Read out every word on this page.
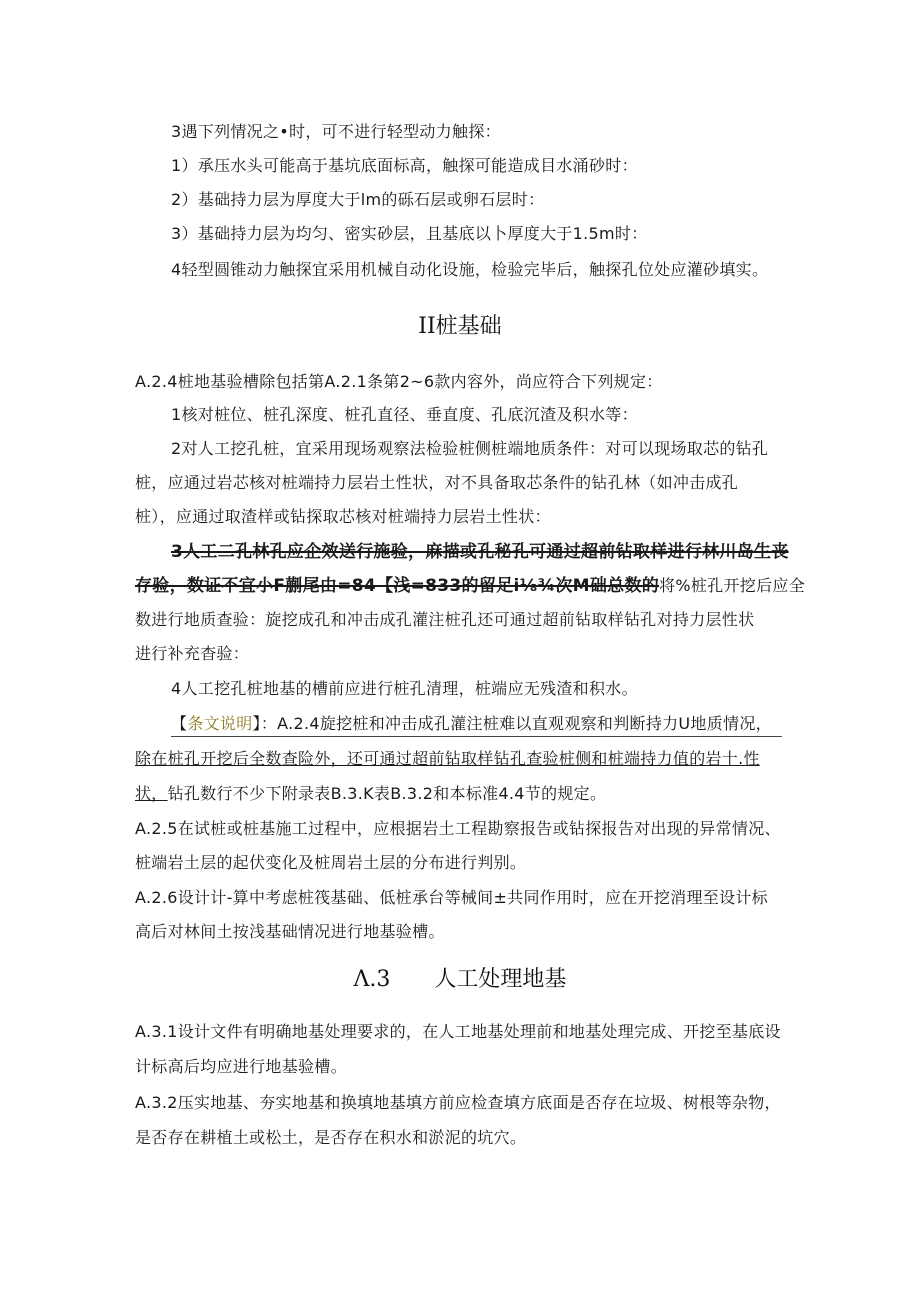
3遇下列情况之•时，可不进行轻型动力触探：
1）承压水头可能高于基坑底面标高，触探可能造成目水涌砂时：
2）基础持力层为厚度大于lm的砾石层或卵石层时：
3）基础持力层为均匀、密实砂层，且基底以卜厚度大于1.5m时：
4轻型圆锥动力触探宜采用机械自动化设施，检验完毕后，触探孔位处应灌砂填实。
II桩基础
A.2.4桩地基验槽除包括第A.2.1条第2~6款内容外，尚应符合下列规定：
1核对桩位、桩孔深度、桩孔直径、垂直度、孔底沉渣及积水等：
2对人工挖孔桩，宜采用现场观察法检验桩侧桩端地质条件：对可以现场取芯的钻孔
桩，应通过岩芯核对桩端持力层岩土性状，对不具备取芯条件的钻孔林（如冲击成孔
桩），应通过取渣样或钻探取芯核对桩端持力层岩土性状：
3人工二孔林孔应企效送行施验，麻描或孔秘孔可通过超前钻取样进行林川岛生丧
存验，数证不宜小F蒯尾由=84【浅=833的留足i⅛¾次M础总数的将%桩孔开挖后应全
数进行地质查验：旋挖成孔和冲击成孔灌注桩孔还可通过超前钻取样钻孔对持力层性状
进行补充杳验：
4人工挖孔桩地基的槽前应进行桩孔清理，桩端应无残渣和积水。
【条文说明】：A.2.4旋挖桩和冲击成孔灌注桩难以直观观察和判断持力U地质情况，
除在桩孔开挖后全数查险外，还可通过超前钻取样钻孔查验桩侧和桩端持力值的岩十.性
状，钻孔数行不少下附录表B.3.K表B.3.2和本标准4.4节的规定。
A.2.5在试桩或桩基施工过程中，应根据岩土工程勘察报告或钻探报告对出现的异常情况、
桩端岩土层的起伏变化及桩周岩土层的分布进行判别。
A.2.6设计计-算中考虑桩筏基础、低桩承台等械间±共同作用时，应在开挖消理至设计标
高后对林间土按浅基础情况进行地基验槽。
Λ.3　　人工处理地基
A.3.1设计文件有明确地基处理要求的，在人工地基处理前和地基处理完成、开挖至基底设
计标高后均应进行地基验槽。
A.3.2压实地基、夯实地基和换填地基填方前应检查填方底面是否存在垃圾、树根等杂物，
是否存在耕植土或松土，是否存在积水和淤泥的坑穴。
